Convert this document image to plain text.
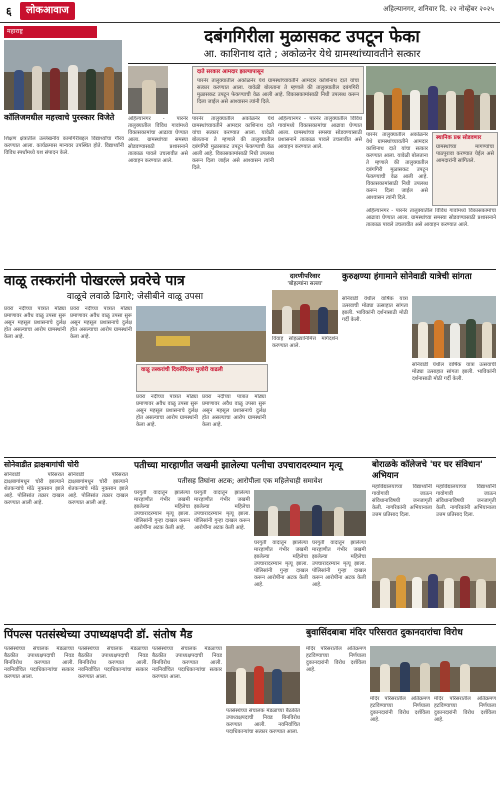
६	लोकआवाज	अहिल्यानगर, शनिवार दि. २२ नोव्हेंबर २०२५
महाराष्ट्र
कॉलिजमधील महत्त्वाचे पुरस्कार विजेते
शिक्षण क्षेत्रातील उल्लेखनीय कामगिरीबद्दल विद्यार्थ्यांचा गौरव करण्यात आला. कार्यक्रमास मान्यवर उपस्थित होते. विद्यार्थ्यांनी विविध स्पर्धांमध्ये यश संपादन केले.
दबंगगिरीला मुळासकट उपटून फेका
आ. काशिनाथ दाते ; अकोळनेर येथे ग्रामस्थांच्यावतीने सत्कार
अहिल्यानगर - पारनेर तालुक्यातील विविध गावांमध्ये विकासकामांचा आढावा घेण्यात आला. ग्रामस्थांच्या समस्या सोडवण्यासाठी प्रशासनाने तात्काळ पावले उचलावीत असे आवाहन करण्यात आले.
दाते सरकार आमदार झाल्यापासून
पारनेर तालुक्यातील अकोळनेर येथे ग्रामस्थांच्यावतीने आमदार काशिनाथ दाते यांचा सत्कार करण्यात आला. यावेळी बोलताना ते म्हणाले की तालुक्यातील दबंगगिरी मुळासकट उपटून फेकण्याची वेळ आली आहे. विकासकामांसाठी निधी उपलब्ध करून दिला जाईल असे आश्वासन त्यांनी दिले.
पारनेर तालुक्यातील अकोळनेर येथे ग्रामस्थांच्यावतीने आमदार काशिनाथ दाते यांचा सत्कार करण्यात आला. यावेळी बोलताना ते म्हणाले की तालुक्यातील दबंगगिरी मुळासकट उपटून फेकण्याची वेळ आली आहे. विकासकामांसाठी निधी उपलब्ध करून दिला जाईल असे आश्वासन त्यांनी दिले.
अहिल्यानगर - पारनेर तालुक्यातील विविध गावांमध्ये विकासकामांचा आढावा घेण्यात आला. ग्रामस्थांच्या समस्या सोडवण्यासाठी प्रशासनाने तात्काळ पावले उचलावीत असे आवाहन करण्यात आले.
पारनेर तालुक्यातील अकोळनेर येथे ग्रामस्थांच्यावतीने आमदार काशिनाथ दाते यांचा सत्कार करण्यात आला. यावेळी बोलताना ते म्हणाले की तालुक्यातील दबंगगिरी मुळासकट उपटून फेकण्याची वेळ आली आहे. विकासकामांसाठी निधी उपलब्ध करून दिला जाईल असे आश्वासन त्यांनी दिले.
स्थानिक प्रश्न सोडवणार
ग्रामस्थांच्या मागण्यांचा पाठपुरावा करण्यात येईल असे आमदारांनी सांगितले.
अहिल्यानगर - पारनेर तालुक्यातील विविध गावांमध्ये विकासकामांचा आढावा घेण्यात आला. ग्रामस्थांच्या समस्या सोडवण्यासाठी प्रशासनाने तात्काळ पावले उचलावीत असे आवाहन करण्यात आले.
वाळू तस्करांनी पोखरल्ले प्रवरेचे पात्र
वाळूचे लवाळे ढिगारे; जेसीबीने वाळू उपसा
प्रवरा नदीच्या पात्रात मोठ्या प्रमाणावर अवैध वाळू उपसा सुरू असून महसूल प्रशासनाचे दुर्लक्ष होत असल्याचा आरोप ग्रामस्थांनी केला आहे.
प्रवरा नदीच्या पात्रात मोठ्या प्रमाणावर अवैध वाळू उपसा सुरू असून महसूल प्रशासनाचे दुर्लक्ष होत असल्याचा आरोप ग्रामस्थांनी केला आहे.
वाळू तस्करांची दिवसेंदिवस मुजोरी वाढली
प्रवरा नदीच्या पात्रात मोठ्या प्रमाणावर अवैध वाळू उपसा सुरू असून महसूल प्रशासनाचे दुर्लक्ष होत असल्याचा आरोप ग्रामस्थांनी केला आहे.
प्रवरा नदीच्या पात्रात मोठ्या प्रमाणावर अवैध वाळू उपसा सुरू असून महसूल प्रशासनाचे दुर्लक्ष होत असल्याचा आरोप ग्रामस्थांनी केला आहे.
दारणीपरिवार
'बोहल्यांना सल्ला'
विवाह सोहळ्यानिमित्त मार्गदर्शन करण्यात आले.
कुरुक्षण्या हंगामाने सोनेवाडी यात्रेची सांगता
सोनेवाडी येथील वार्षिक यात्रा उत्सवाची मोठ्या उत्साहात सांगता झाली. भाविकांनी दर्शनासाठी मोठी गर्दी केली.
सोनेवाडी येथील वार्षिक यात्रा उत्सवाची मोठ्या उत्साहात सांगता झाली. भाविकांनी दर्शनासाठी मोठी गर्दी केली.
सोनेवाडीत द्राक्षबागांची चोरी
सोनेवाडी परिसरात द्राक्षबागांमधून चोरी झाल्याने शेतकऱ्यांचे मोठे नुकसान झाले आहे. पोलिसांत तक्रार दाखल करण्यात आली आहे.
सोनेवाडी परिसरात द्राक्षबागांमधून चोरी झाल्याने शेतकऱ्यांचे मोठे नुकसान झाले आहे. पोलिसांत तक्रार दाखल करण्यात आली आहे.
पतीच्या मारहाणीत जखमी झालेल्या पत्नीचा उपचारादरम्यान मृत्यू
पतीसह तिघांना अटक; आरोपीला एक महिलेचाही समावेश
घरगुती वादातून झालेल्या मारहाणीत गंभीर जखमी झालेल्या महिलेचा उपचारादरम्यान मृत्यू झाला. पोलिसांनी गुन्हा दाखल करून आरोपींना अटक केली आहे.
घरगुती वादातून झालेल्या मारहाणीत गंभीर जखमी झालेल्या महिलेचा उपचारादरम्यान मृत्यू झाला. पोलिसांनी गुन्हा दाखल करून आरोपींना अटक केली आहे.
घरगुती वादातून झालेल्या मारहाणीत गंभीर जखमी झालेल्या महिलेचा उपचारादरम्यान मृत्यू झाला. पोलिसांनी गुन्हा दाखल करून आरोपींना अटक केली आहे.
घरगुती वादातून झालेल्या मारहाणीत गंभीर जखमी झालेल्या महिलेचा उपचारादरम्यान मृत्यू झाला. पोलिसांनी गुन्हा दाखल करून आरोपींना अटक केली आहे.
बोराळके कॉलेजचे 'घर घर संविधान' अभियान
महाविद्यालयाच्या विद्यार्थ्यांनी गावोगावी जाऊन संविधानाविषयी जनजागृती केली. नागरिकांनी अभियानाला उत्तम प्रतिसाद दिला.
महाविद्यालयाच्या विद्यार्थ्यांनी गावोगावी जाऊन संविधानाविषयी जनजागृती केली. नागरिकांनी अभियानाला उत्तम प्रतिसाद दिला.
पिंपल्स पतसंस्थेच्या उपाध्यक्षपदी डॉ. संतोष मैड
पतसंस्थेच्या संचालक मंडळाच्या बैठकीत उपाध्यक्षपदाची निवड बिनविरोध करण्यात आली. नवनिर्वाचित पदाधिकाऱ्यांचा सत्कार करण्यात आला.
पतसंस्थेच्या संचालक मंडळाच्या बैठकीत उपाध्यक्षपदाची निवड बिनविरोध करण्यात आली. नवनिर्वाचित पदाधिकाऱ्यांचा सत्कार करण्यात आला.
पतसंस्थेच्या संचालक मंडळाच्या बैठकीत उपाध्यक्षपदाची निवड बिनविरोध करण्यात आली. नवनिर्वाचित पदाधिकाऱ्यांचा सत्कार करण्यात आला.
पतसंस्थेच्या संचालक मंडळाच्या बैठकीत उपाध्यक्षपदाची निवड बिनविरोध करण्यात आली. नवनिर्वाचित पदाधिकाऱ्यांचा सत्कार करण्यात आला.
बुवासिंदबाबा मंदिर परिसरात दुकानदारांचा विरोध
मंदिर परिसरातील अतिक्रमण हटविण्याच्या निर्णयाला दुकानदारांनी विरोध दर्शविला आहे.
मंदिर परिसरातील अतिक्रमण हटविण्याच्या निर्णयाला दुकानदारांनी विरोध दर्शविला आहे.
मंदिर परिसरातील अतिक्रमण हटविण्याच्या निर्णयाला दुकानदारांनी विरोध दर्शविला आहे.
